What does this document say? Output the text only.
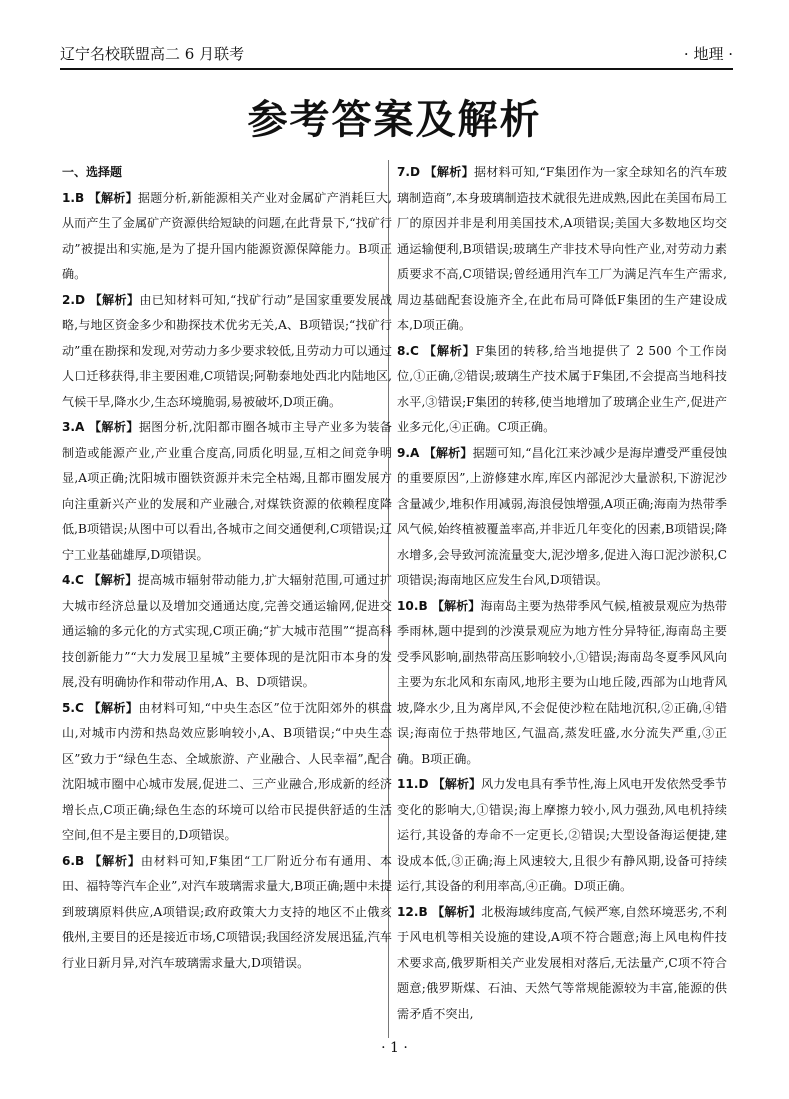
辽宁名校联盟高二 6 月联考	· 地理 ·
参考答案及解析
一、选择题

1.B 【解析】据题分析,新能源相关产业对金属矿产消耗巨大,从而产生了金属矿产资源供给短缺的问题,在此背景下,“找矿行动”被提出和实施,是为了提升国内能源资源保障能力。B项正确。

2.D 【解析】由已知材料可知,“找矿行动”是国家重要发展战略,与地区资金多少和勘探技术优劣无关,A、B项错误;“找矿行动”重在勘探和发现,对劳动力多少要求较低,且劳动力可以通过人口迁移获得,非主要困难,C项错误;阿勒泰地处西北内陆地区,气候干旱,降水少,生态环境脆弱,易被破坏,D项正确。

3.A 【解析】据图分析,沈阳都市圈各城市主导产业多为装备制造或能源产业,产业重合度高,同质化明显,互相之间竞争明显,A项正确;沈阳城市圈铁资源并未完全枯竭,且都市圈发展方向注重新兴产业的发展和产业融合,对煤铁资源的依赖程度降低,B项错误;从图中可以看出,各城市之间交通便利,C项错误;辽宁工业基础雄厚,D项错误。

4.C 【解析】提高城市辐射带动能力,扩大辐射范围,可通过扩大城市经济总量以及增加交通通达度,完善交通运输网,促进交通运输的多元化的方式实现,C项正确;“扩大城市范围”“提高科技创新能力”“大力发展卫星城”主要体现的是沈阳市本身的发展,没有明确协作和带动作用,A、B、D项错误。

5.C 【解析】由材料可知,“中央生态区”位于沈阳郊外的棋盘山,对城市内涝和热岛效应影响较小,A、B项错误;“中央生态区”致力于“绿色生态、全域旅游、产业融合、人民幸福”,配合沈阳城市圈中心城市发展,促进二、三产业融合,形成新的经济增长点,C项正确;绿色生态的环境可以给市民提供舒适的生活空间,但不是主要目的,D项错误。

6.B 【解析】由材料可知,F集团“工厂附近分布有通用、本田、福特等汽车企业”,对汽车玻璃需求量大,B项正确;题中未提到玻璃原料供应,A项错误;政府政策大力支持的地区不止俄亥俄州,主要目的还是接近市场,C项错误;我国经济发展迅猛,汽车行业日新月异,对汽车玻璃需求量大,D项错误。

7.D 【解析】据材料可知,“F集团作为一家全球知名的汽车玻璃制造商”,本身玻璃制造技术就很先进成熟,因此在美国布局工厂的原因并非是利用美国技术,A项错误;美国大多数地区均交通运输便利,B项错误;玻璃生产非技术导向性产业,对劳动力素质要求不高,C项错误;曾经通用汽车工厂为满足汽车生产需求,周边基础配套设施齐全,在此布局可降低F集团的生产建设成本,D项正确。

8.C 【解析】F集团的转移,给当地提供了 2 500 个工作岗位,①正确,②错误;玻璃生产技术属于F集团,不会提高当地科技水平,③错误;F集团的转移,使当地增加了玻璃企业生产,促进产业多元化,④正确。C项正确。

9.A 【解析】据题可知,“昌化江来沙减少是海岸遭受严重侵蚀的重要原因”,上游修建水库,库区内部泥沙大量淤积,下游泥沙含量减少,堆积作用减弱,海浪侵蚀增强,A项正确;海南为热带季风气候,始终植被覆盖率高,并非近几年变化的因素,B项错误;降水增多,会导致河流流量变大,泥沙增多,促进入海口泥沙淤积,C项错误;海南地区应发生台风,D项错误。

10.B 【解析】海南岛主要为热带季风气候,植被景观应为热带季雨林,题中提到的沙漠景观应为地方性分异特征,海南岛主要受季风影响,副热带高压影响较小,①错误;海南岛冬夏季风风向主要为东北风和东南风,地形主要为山地丘陵,西部为山地背风坡,降水少,且为离岸风,不会促使沙粒在陆地沉积,②正确,④错误;海南位于热带地区,气温高,蒸发旺盛,水分流失严重,③正确。B项正确。

11.D 【解析】风力发电具有季节性,海上风电开发依然受季节变化的影响大,①错误;海上摩擦力较小,风力强劲,风电机持续运行,其设备的寿命不一定更长,②错误;大型设备海运便捷,建设成本低,③正确;海上风速较大,且很少有静风期,设备可持续运行,其设备的利用率高,④正确。D项正确。

12.B 【解析】北极海域纬度高,气候严寒,自然环境恶劣,不利于风电机等相关设施的建设,A项不符合题意;海上风电构件技术要求高,俄罗斯相关产业发展相对落后,无法量产,C项不符合题意;俄罗斯煤、石油、天然气等常规能源较为丰富,能源的供需矛盾不突出,

· 1 ·
